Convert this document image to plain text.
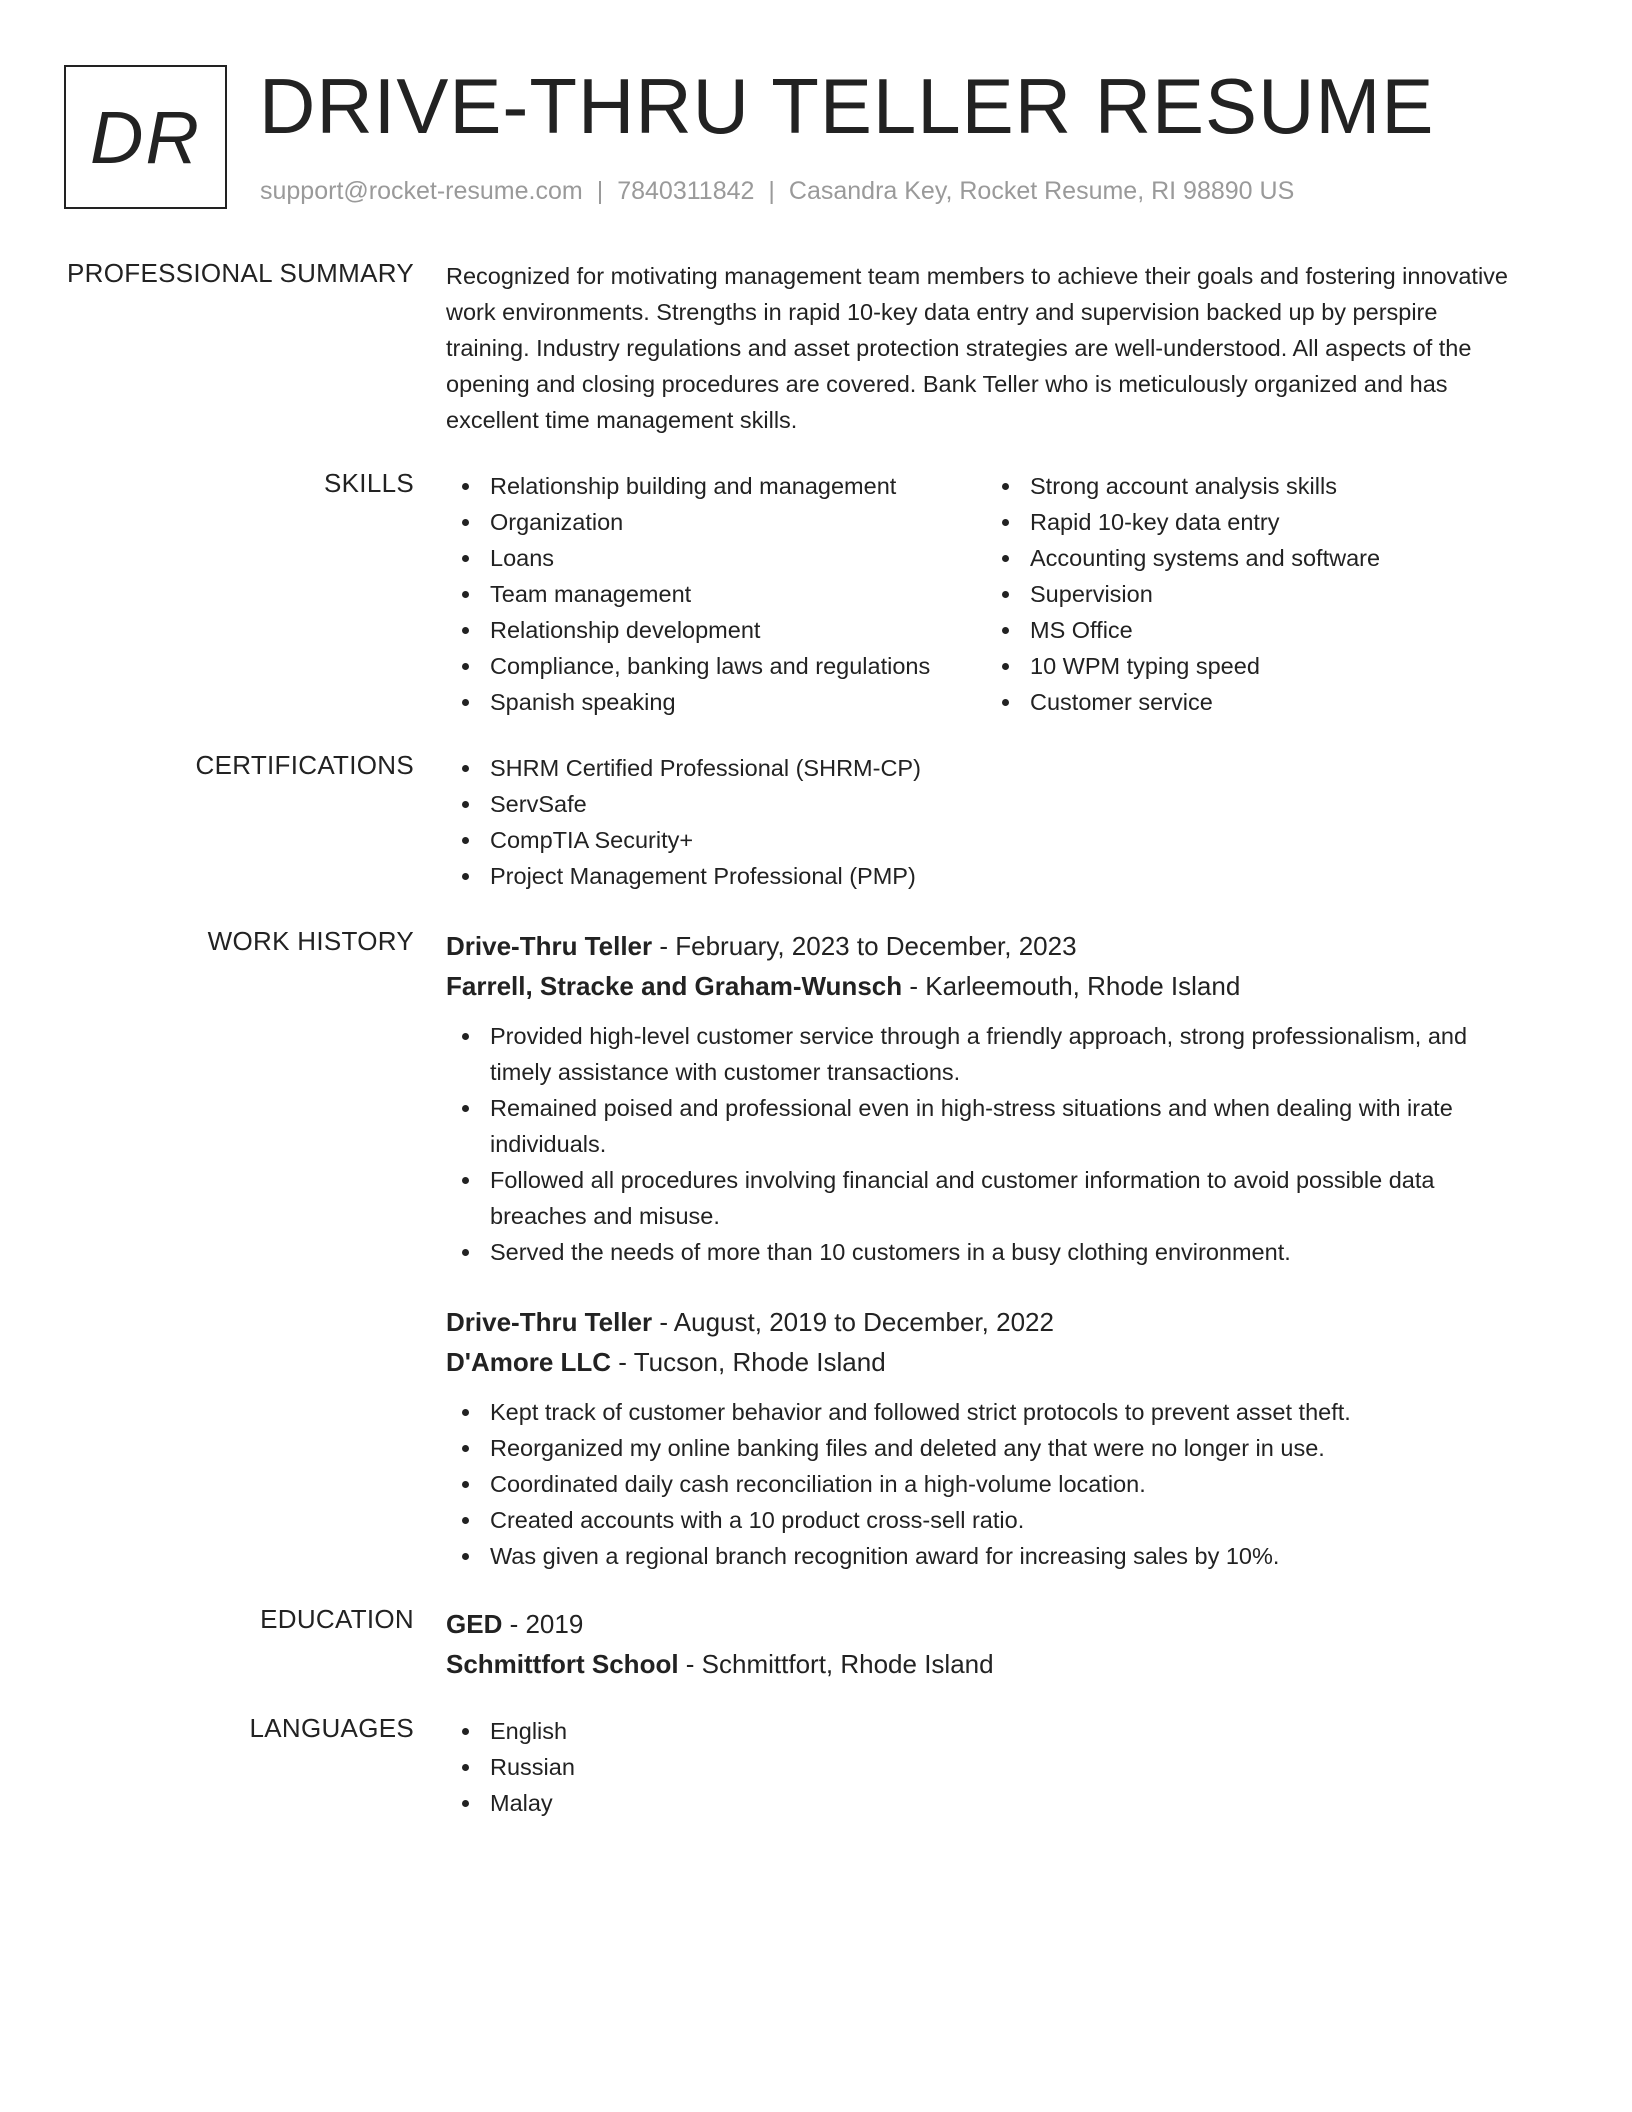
DR DRIVE-THRU TELLER RESUME
support@rocket-resume.com | 7840311842 | Casandra Key, Rocket Resume, RI 98890 US
PROFESSIONAL SUMMARY Recognized for motivating management team members to achieve their goals and fostering innovative work environments. Strengths in rapid 10-key data entry and supervision backed up by perspire training. Industry regulations and asset protection strategies are well-understood. All aspects of the opening and closing procedures are covered. Bank Teller who is meticulously organized and has excellent time management skills.
SKILLS	Relationship building and management
Organization
Loans
Team management
Relationship development
Compliance, banking laws and regulations
Spanish speaking
Strong account analysis skills
Rapid 10-key data entry
Accounting systems and software
Supervision
MS Office
10 WPM typing speed
Customer service
CERTIFICATIONS	SHRM Certified Professional (SHRM-CP)
ServSafe
CompTIA Security+
Project Management Professional (PMP)
WORK HISTORY Drive-Thru Teller - February, 2023 to December, 2023
Farrell, Stracke and Graham-Wunsch - Karleemouth, Rhode Island
Provided high-level customer service through a friendly approach, strong professionalism, and timely assistance with customer transactions.
Remained poised and professional even in high-stress situations and when dealing with irate individuals.
Followed all procedures involving financial and customer information to avoid possible data breaches and misuse.
Served the needs of more than 10 customers in a busy clothing environment.
Drive-Thru Teller - August, 2019 to December, 2022
D'Amore LLC - Tucson, Rhode Island
Kept track of customer behavior and followed strict protocols to prevent asset theft.
Reorganized my online banking files and deleted any that were no longer in use.
Coordinated daily cash reconciliation in a high-volume location.
Created accounts with a 10 product cross-sell ratio.
Was given a regional branch recognition award for increasing sales by 10%.
EDUCATION GED - 2019
Schmittfort School - Schmittfort, Rhode Island
LANGUAGES	English
Russian
Malay
